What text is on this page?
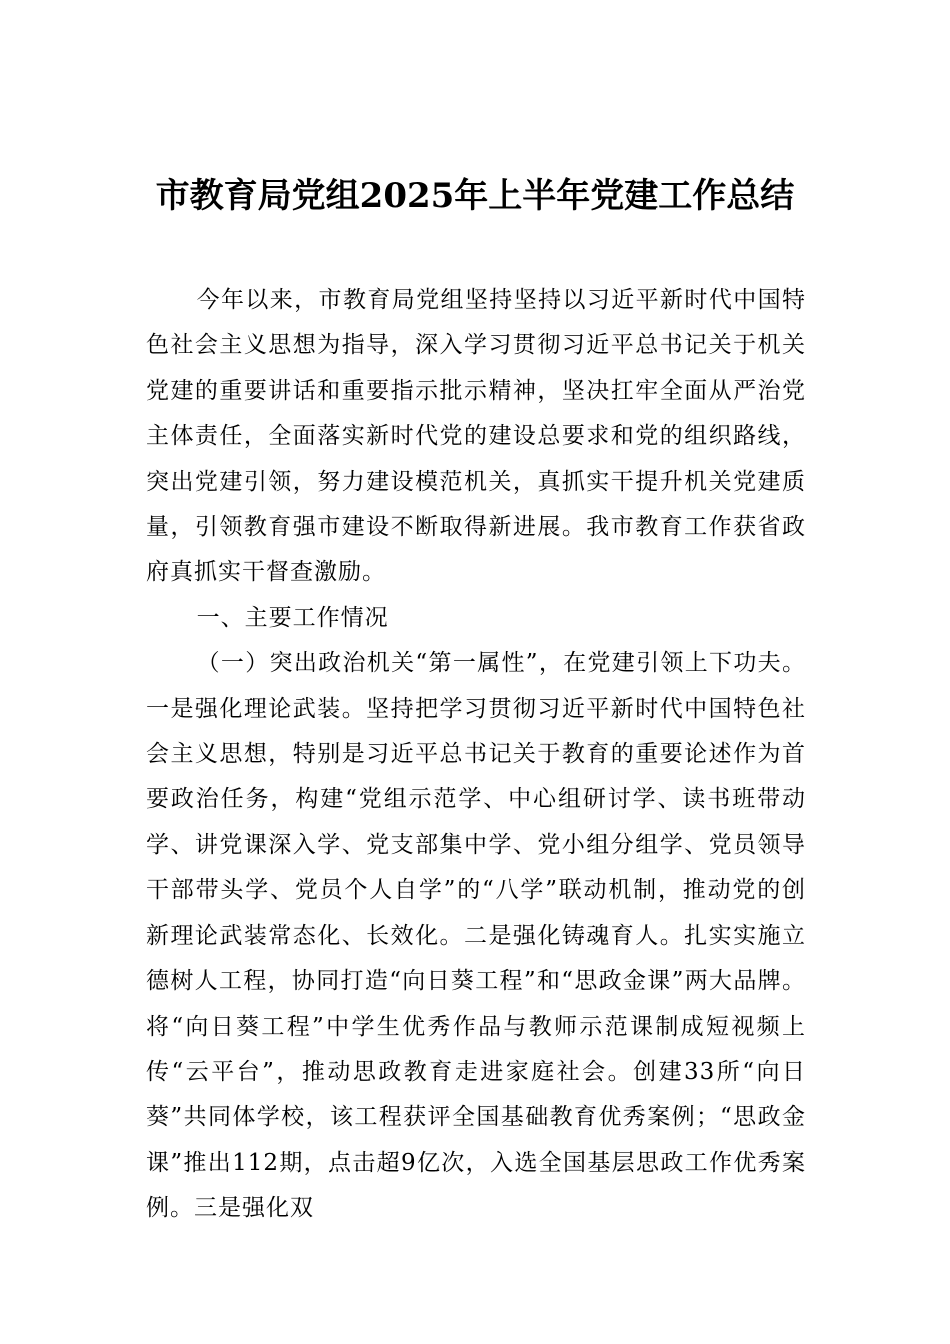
市教育局党组2025年上半年党建工作总结

今年以来，市教育局党组坚持坚持以习近平新时代中国特色社会主义思想为指导，深入学习贯彻习近平总书记关于机关党建的重要讲话和重要指示批示精神，坚决扛牢全面从严治党主体责任，全面落实新时代党的建设总要求和党的组织路线，突出党建引领，努力建设模范机关，真抓实干提升机关党建质量，引领教育强市建设不断取得新进展。我市教育工作获省政府真抓实干督查激励。

一、主要工作情况

（一）突出政治机关“第一属性”，在党建引领上下功夫。一是强化理论武装。坚持把学习贯彻习近平新时代中国特色社会主义思想，特别是习近平总书记关于教育的重要论述作为首要政治任务，构建“党组示范学、中心组研讨学、读书班带动学、讲党课深入学、党支部集中学、党小组分组学、党员领导干部带头学、党员个人自学”的“八学”联动机制，推动党的创新理论武装常态化、长效化。二是强化铸魂育人。扎实实施立德树人工程，协同打造“向日葵工程”和“思政金课”两大品牌。将“向日葵工程”中学生优秀作品与教师示范课制成短视频上传“云平台”，推动思政教育走进家庭社会。创建33所“向日葵”共同体学校，该工程获评全国基础教育优秀案例；“思政金课”推出112期，点击超9亿次，入选全国基层思政工作优秀案例。三是强化双
